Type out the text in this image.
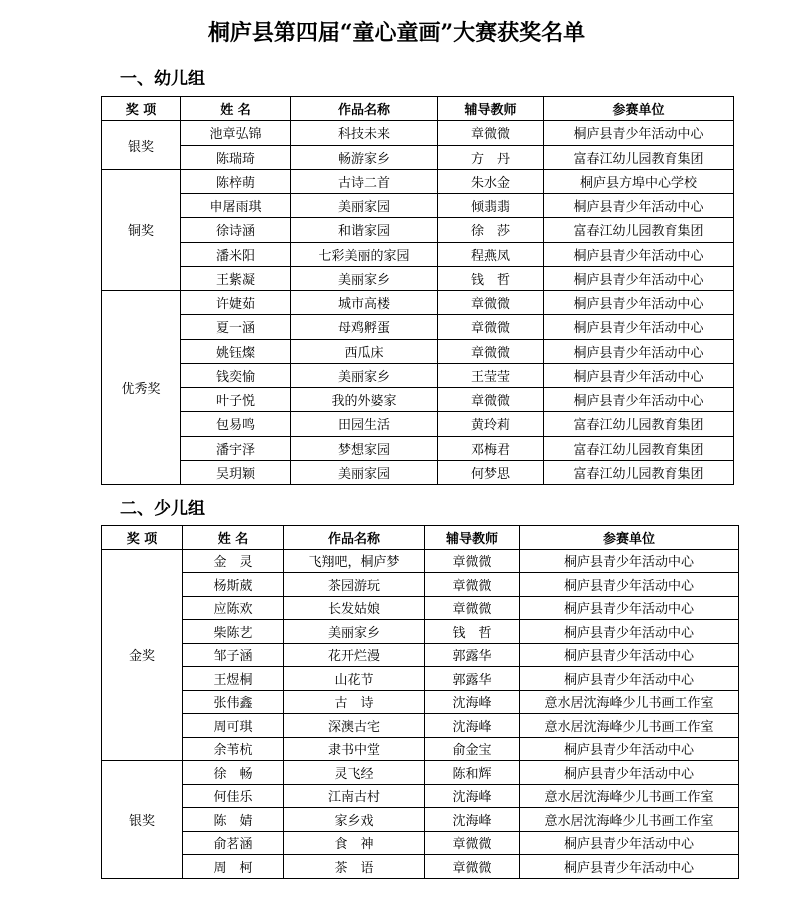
桐庐县第四届“童心童画”大赛获奖名单
一、幼儿组
奖 项	姓 名	作品名称	辅导教师	参赛单位
银奖	池章弘锦	科技未来	章微微	桐庐县青少年活动中心
	陈瑞琦	畅游家乡	方　丹	富春江幼儿园教育集团
铜奖	陈梓萌	古诗二首	朱水金	桐庐县方埠中心学校
	申屠雨琪	美丽家园	倾翡翡	桐庐县青少年活动中心
	徐诗涵	和谐家园	徐　莎	富春江幼儿园教育集团
	潘米阳	七彩美丽的家园	程燕凤	桐庐县青少年活动中心
	王紫凝	美丽家乡	钱　哲	桐庐县青少年活动中心
优秀奖	许婕茹	城市高楼	章微微	桐庐县青少年活动中心
	夏一涵	母鸡孵蛋	章微微	桐庐县青少年活动中心
	姚钰燦	西瓜床	章微微	桐庐县青少年活动中心
	钱奕愉	美丽家乡	王莹莹	桐庐县青少年活动中心
	叶子悦	我的外婆家	章微微	桐庐县青少年活动中心
	包易鸣	田园生活	黄玲莉	富春江幼儿园教育集团
	潘宇泽	梦想家园	邓梅君	富春江幼儿园教育集团
	吴玥颖	美丽家园	何梦思	富春江幼儿园教育集团
二、少儿组
奖 项	姓 名	作品名称	辅导教师	参赛单位
金奖	金　灵	飞翔吧，桐庐梦	章微微	桐庐县青少年活动中心
	杨斯葳	茶园游玩	章微微	桐庐县青少年活动中心
	应陈欢	长发姑娘	章微微	桐庐县青少年活动中心
	柴陈艺	美丽家乡	钱　哲	桐庐县青少年活动中心
	邹子涵	花开烂漫	郭露华	桐庐县青少年活动中心
	王煜桐	山花节	郭露华	桐庐县青少年活动中心
	张伟鑫	古　诗	沈海峰	意水居沈海峰少儿书画工作室
	周可琪	深澳古宅	沈海峰	意水居沈海峰少儿书画工作室
	余苇杭	隶书中堂	俞金宝	桐庐县青少年活动中心
银奖	徐　畅	灵飞经	陈和辉	桐庐县青少年活动中心
	何佳乐	江南古村	沈海峰	意水居沈海峰少儿书画工作室
	陈　婧	家乡戏	沈海峰	意水居沈海峰少儿书画工作室
	俞茗涵	食　神	章微微	桐庐县青少年活动中心
	周　柯	茶　语	章微微	桐庐县青少年活动中心
